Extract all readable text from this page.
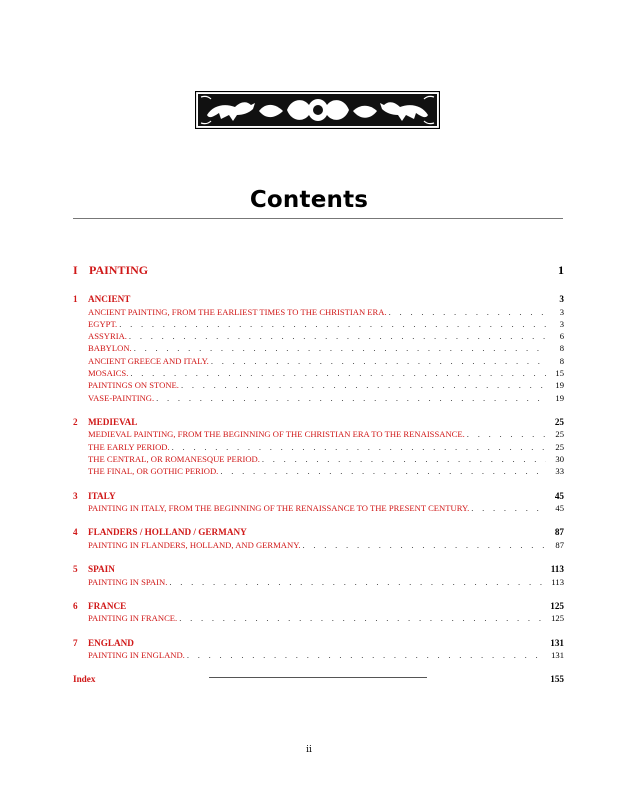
Contents
I PAINTING	1
1	ANCIENT	3
ANCIENT PAINTING, FROM THE EARLIEST TIMES TO THE CHRISTIAN ERA. . . .	3
EGYPT. . . .	3
ASSYRIA. . . .	6
BABYLON. . . .	8
ANCIENT GREECE AND ITALY. . . .	8
MOSAICS. . . .	15
PAINTINGS ON STONE. . . .	19
VASE-PAINTING. . . .	19
2	MEDIEVAL	25
MEDIEVAL PAINTING, FROM THE BEGINNING OF THE CHRISTIAN ERA TO THE RENAISSANCE. . . .	25
THE EARLY PERIOD. . . .	25
THE CENTRAL, OR ROMANESQUE PERIOD. . . .	30
THE FINAL, OR GOTHIC PERIOD. . . .	33
3	ITALY	45
PAINTING IN ITALY, FROM THE BEGINNING OF THE RENAISSANCE TO THE PRESENT CENTURY. . . .	45
4	FLANDERS / HOLLAND / GERMANY	87
PAINTING IN FLANDERS, HOLLAND, AND GERMANY. . . .	87
5	SPAIN	113
PAINTING IN SPAIN. . . .	113
6	FRANCE	125
PAINTING IN FRANCE. . . .	125
7	ENGLAND	131
PAINTING IN ENGLAND. . . .	131
Index	155
ii
